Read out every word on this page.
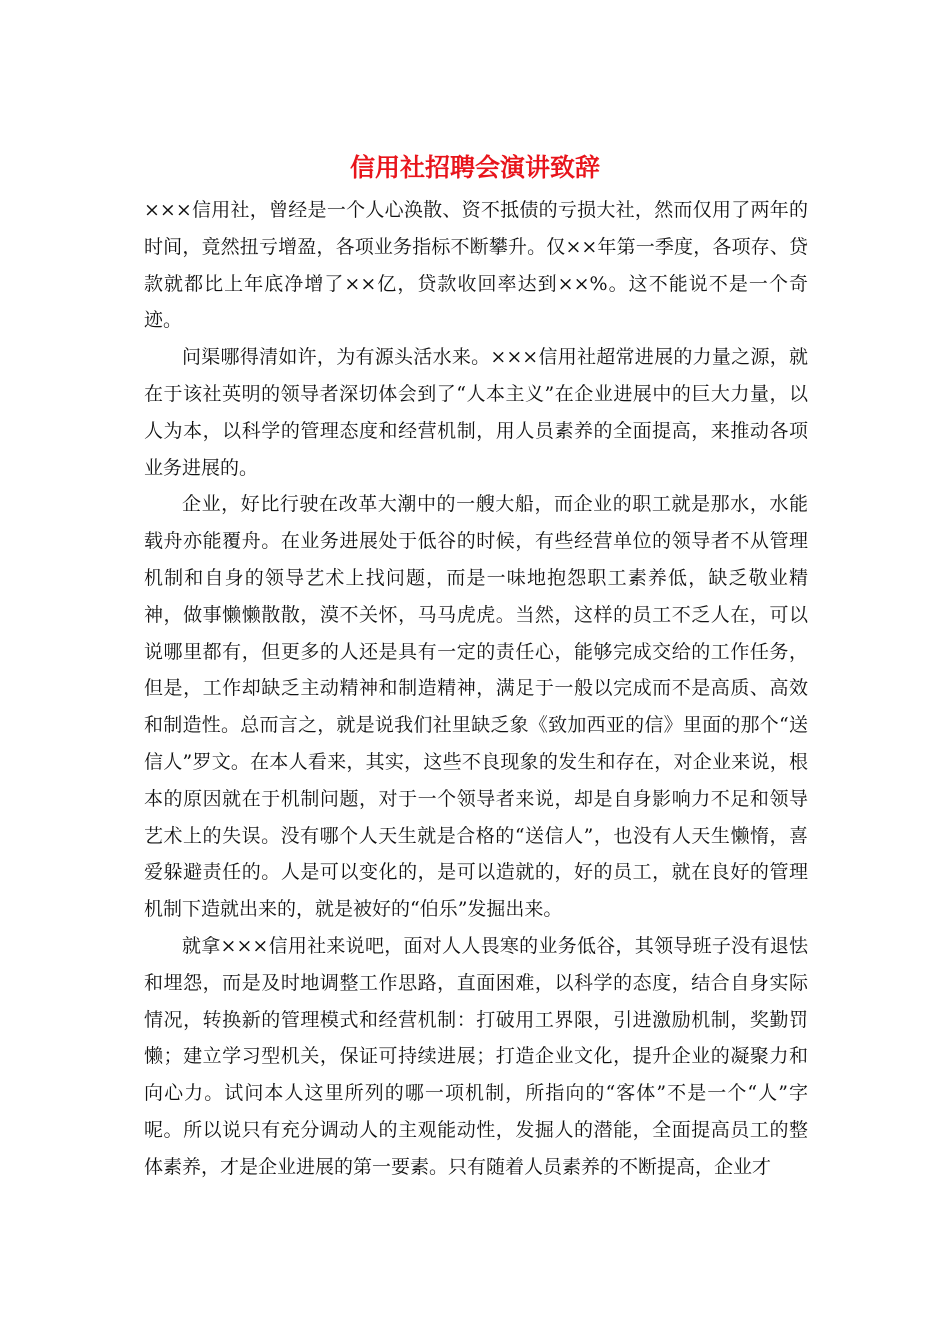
信用社招聘会演讲致辞

×××信用社，曾经是一个人心涣散、资不抵债的亏损大社，然而仅用了两年的时间，竟然扭亏增盈，各项业务指标不断攀升。仅××年第一季度，各项存、贷款就都比上年底净增了××亿，贷款收回率达到××%。这不能说不是一个奇迹。

问渠哪得清如许，为有源头活水来。×××信用社超常进展的力量之源，就在于该社英明的领导者深切体会到了“人本主义”在企业进展中的巨大力量，以人为本，以科学的管理态度和经营机制，用人员素养的全面提高，来推动各项业务进展的。

企业，好比行驶在改革大潮中的一艘大船，而企业的职工就是那水，水能载舟亦能覆舟。在业务进展处于低谷的时候，有些经营单位的领导者不从管理机制和自身的领导艺术上找问题，而是一味地抱怨职工素养低，缺乏敬业精神，做事懒懒散散，漠不关怀，马马虎虎。当然，这样的员工不乏人在，可以说哪里都有，但更多的人还是具有一定的责任心，能够完成交给的工作任务，但是，工作却缺乏主动精神和制造精神，满足于一般以完成而不是高质、高效和制造性。总而言之，就是说我们社里缺乏象《致加西亚的信》里面的那个“送信人”罗文。在本人看来，其实，这些不良现象的发生和存在，对企业来说，根本的原因就在于机制问题，对于一个领导者来说，却是自身影响力不足和领导艺术上的失误。没有哪个人天生就是合格的“送信人”，也没有人天生懒惰，喜爱躲避责任的。人是可以变化的，是可以造就的，好的员工，就在良好的管理机制下造就出来的，就是被好的“伯乐”发掘出来。

就拿×××信用社来说吧，面对人人畏寒的业务低谷，其领导班子没有退怯和埋怨，而是及时地调整工作思路，直面困难，以科学的态度，结合自身实际情况，转换新的管理模式和经营机制：打破用工界限，引进激励机制，奖勤罚懒；建立学习型机关，保证可持续进展；打造企业文化，提升企业的凝聚力和向心力。试问本人这里所列的哪一项机制，所指向的“客体”不是一个“人”字呢。所以说只有充分调动人的主观能动性，发掘人的潜能，全面提高员工的整体素养，才是企业进展的第一要素。只有随着人员素养的不断提高，企业才
